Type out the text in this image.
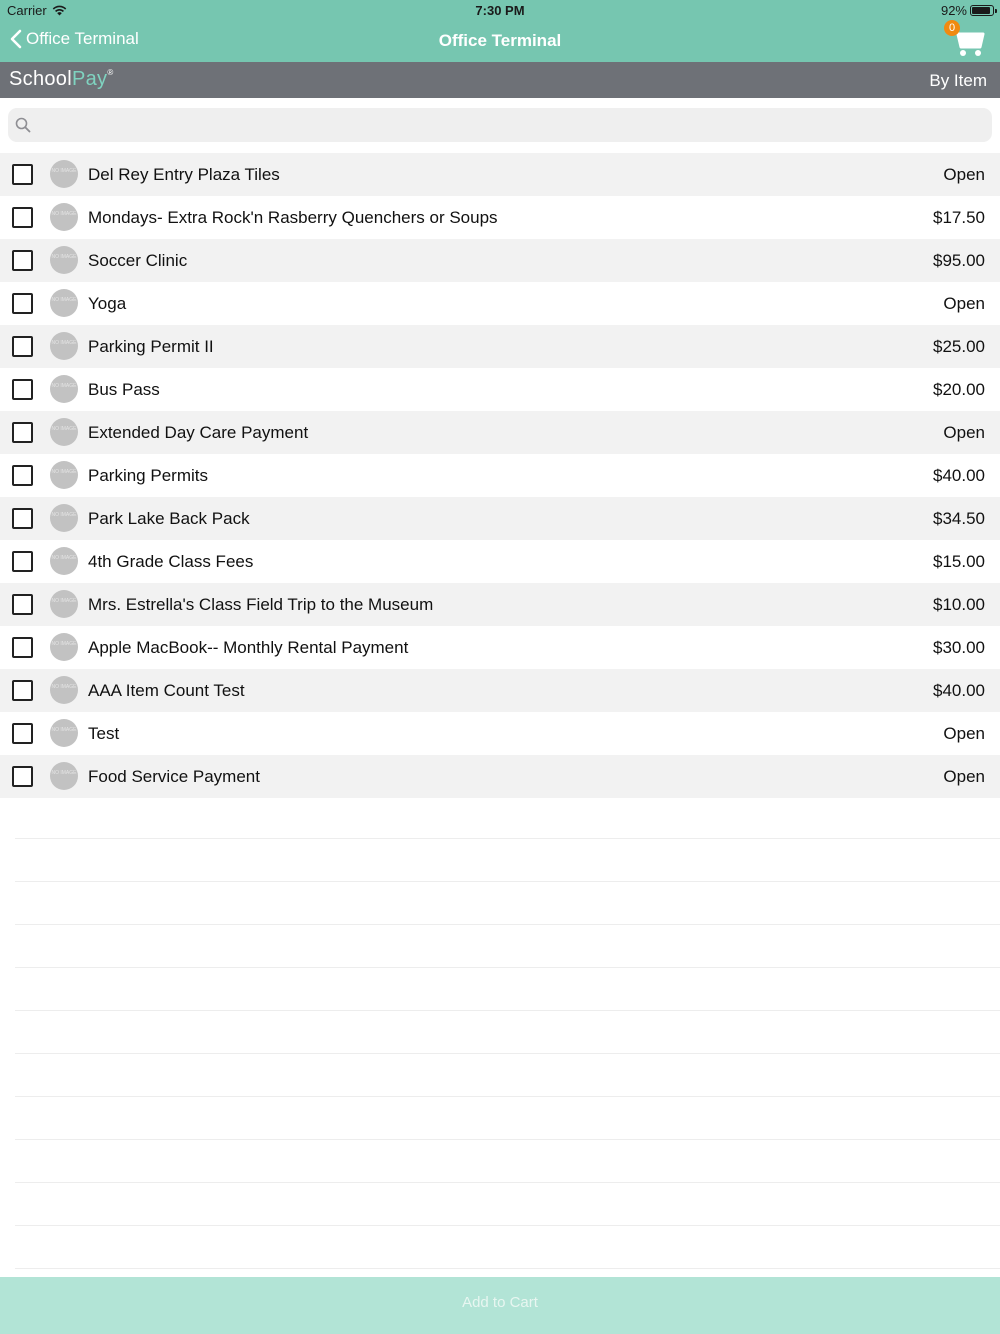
Carrier	7:30 PM	92%
Office Terminal	Office Terminal
0
SchoolPay®	By Item
NO IMAGE Del Rey Entry Plaza Tiles	Open
NO IMAGE Mondays- Extra Rock'n Rasberry Quenchers or Soups	$17.50
NO IMAGE Soccer Clinic	$95.00
NO IMAGE Yoga	Open
NO IMAGE Parking Permit II	$25.00
NO IMAGE Bus Pass	$20.00
NO IMAGE Extended Day Care Payment	Open
NO IMAGE Parking Permits	$40.00
NO IMAGE Park Lake Back Pack	$34.50
NO IMAGE 4th Grade Class Fees	$15.00
NO IMAGE Mrs. Estrella's Class Field Trip to the Museum	$10.00
NO IMAGE Apple MacBook-- Monthly Rental Payment	$30.00
NO IMAGE AAA Item Count Test	$40.00
NO IMAGE Test	Open
NO IMAGE Food Service Payment	Open
Add to Cart
